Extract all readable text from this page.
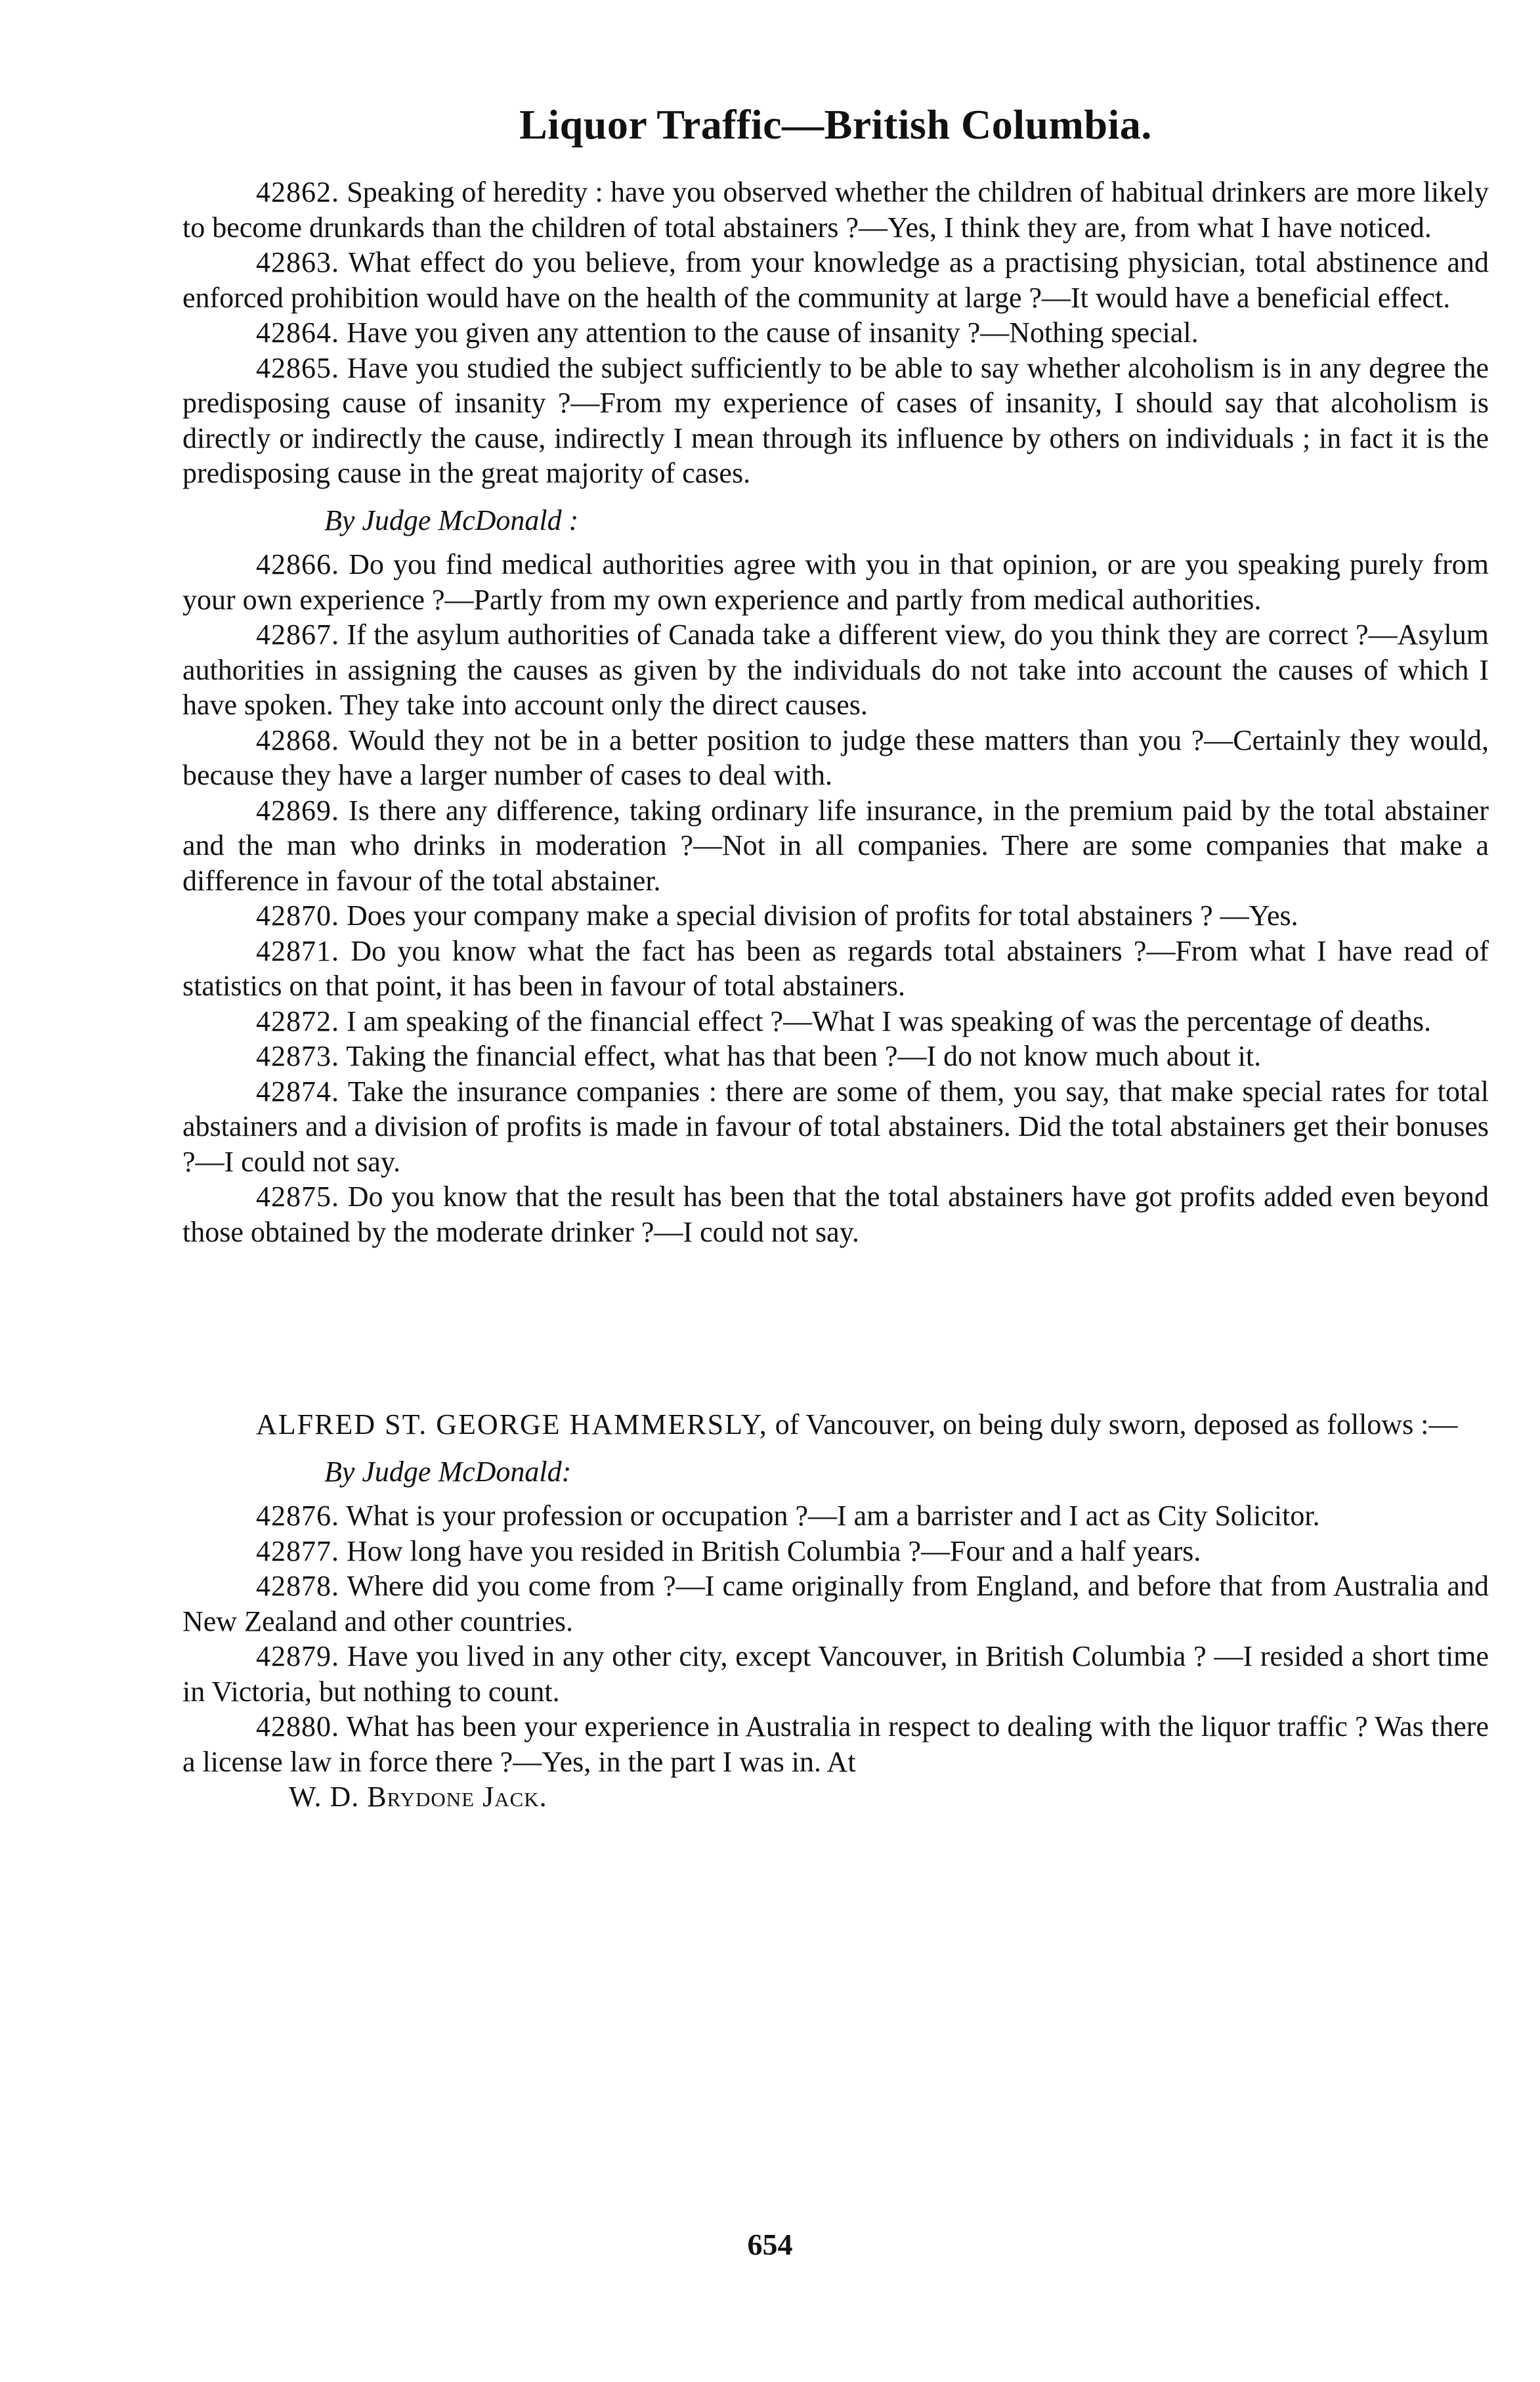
Liquor Traffic—British Columbia.

42862. Speaking of heredity : have you observed whether the children of habitual drinkers are more likely to become drunkards than the children of total abstainers ?—Yes, I think they are, from what I have noticed.

42863. What effect do you believe, from your knowledge as a practising physician, total abstinence and enforced prohibition would have on the health of the community at large ?—It would have a beneficial effect.

42864. Have you given any attention to the cause of insanity ?—Nothing special.

42865. Have you studied the subject sufficiently to be able to say whether alcoholism is in any degree the predisposing cause of insanity ?—From my experience of cases of insanity, I should say that alcoholism is directly or indirectly the cause, indirectly I mean through its influence by others on individuals ; in fact it is the predisposing cause in the great majority of cases.

By Judge McDonald :

42866. Do you find medical authorities agree with you in that opinion, or are you speaking purely from your own experience ?—Partly from my own experience and partly from medical authorities.

42867. If the asylum authorities of Canada take a different view, do you think they are correct ?—Asylum authorities in assigning the causes as given by the individuals do not take into account the causes of which I have spoken. They take into account only the direct causes.

42868. Would they not be in a better position to judge these matters than you ?—Certainly they would, because they have a larger number of cases to deal with.

42869. Is there any difference, taking ordinary life insurance, in the premium paid by the total abstainer and the man who drinks in moderation ?—Not in all companies. There are some companies that make a difference in favour of the total abstainer.

42870. Does your company make a special division of profits for total abstainers ? —Yes.

42871. Do you know what the fact has been as regards total abstainers ?—From what I have read of statistics on that point, it has been in favour of total abstainers.

42872. I am speaking of the financial effect ?—What I was speaking of was the percentage of deaths.

42873. Taking the financial effect, what has that been ?—I do not know much about it.

42874. Take the insurance companies : there are some of them, you say, that make special rates for total abstainers and a division of profits is made in favour of total abstainers. Did the total abstainers get their bonuses ?—I could not say.

42875. Do you know that the result has been that the total abstainers have got profits added even beyond those obtained by the moderate drinker ?—I could not say.

ALFRED ST. GEORGE HAMMERSLY, of Vancouver, on being duly sworn, deposed as follows :—

By Judge McDonald:

42876. What is your profession or occupation ?—I am a barrister and I act as City Solicitor.

42877. How long have you resided in British Columbia ?—Four and a half years.

42878. Where did you come from ?—I came originally from England, and before that from Australia and New Zealand and other countries.

42879. Have you lived in any other city, except Vancouver, in British Columbia ? —I resided a short time in Victoria, but nothing to count.

42880. What has been your experience in Australia in respect to dealing with the liquor traffic ? Was there a license law in force there ?—Yes, in the part I was in. At

W. D. Brydone Jack.

654
